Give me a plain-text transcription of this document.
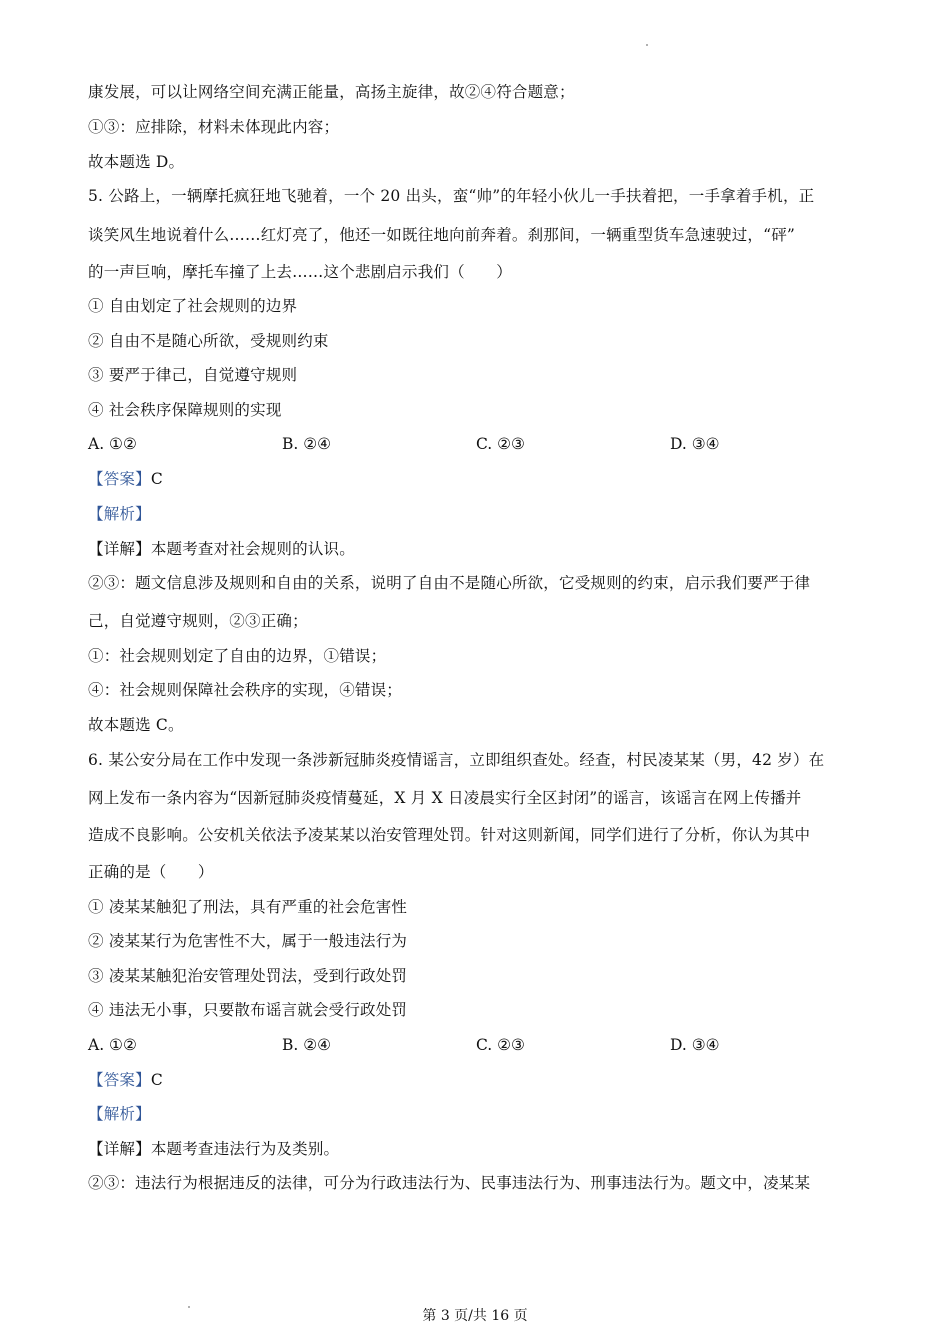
康发展，可以让网络空间充满正能量，高扬主旋律，故②④符合题意；
①③：应排除，材料未体现此内容；
故本题选 D。
5. 公路上，一辆摩托疯狂地飞驰着，一个 20 出头，蛮“帅”的年轻小伙儿一手扶着把，一手拿着手机，正
谈笑风生地说着什么……红灯亮了，他还一如既往地向前奔着。刹那间，一辆重型货车急速驶过，“砰”
的一声巨响，摩托车撞了上去……这个悲剧启示我们（　　）
① 自由划定了社会规则的边界
② 自由不是随心所欲，受规则约束
③ 要严于律己，自觉遵守规则
④ 社会秩序保障规则的实现
A. ①②	B. ②④	C. ②③	D. ③④
【答案】C
【解析】
【详解】本题考查对社会规则的认识。
②③：题文信息涉及规则和自由的关系，说明了自由不是随心所欲，它受规则的约束，启示我们要严于律
己，自觉遵守规则，②③正确；
①：社会规则划定了自由的边界，①错误；
④：社会规则保障社会秩序的实现，④错误；
故本题选 C。
6. 某公安分局在工作中发现一条涉新冠肺炎疫情谣言，立即组织查处。经查，村民凌某某（男，42 岁）在
网上发布一条内容为“因新冠肺炎疫情蔓延，X 月 X 日凌晨实行全区封闭”的谣言，该谣言在网上传播并
造成不良影响。公安机关依法予凌某某以治安管理处罚。针对这则新闻，同学们进行了分析，你认为其中
正确的是（　　）
① 凌某某触犯了刑法，具有严重的社会危害性
② 凌某某行为危害性不大，属于一般违法行为
③ 凌某某触犯治安管理处罚法，受到行政处罚
④ 违法无小事，只要散布谣言就会受行政处罚
A. ①②	B. ②④	C. ②③	D. ③④
【答案】C
【解析】
【详解】本题考查违法行为及类别。
②③：违法行为根据违反的法律，可分为行政违法行为、民事违法行为、刑事违法行为。题文中，凌某某
第 3 页/共 16 页
